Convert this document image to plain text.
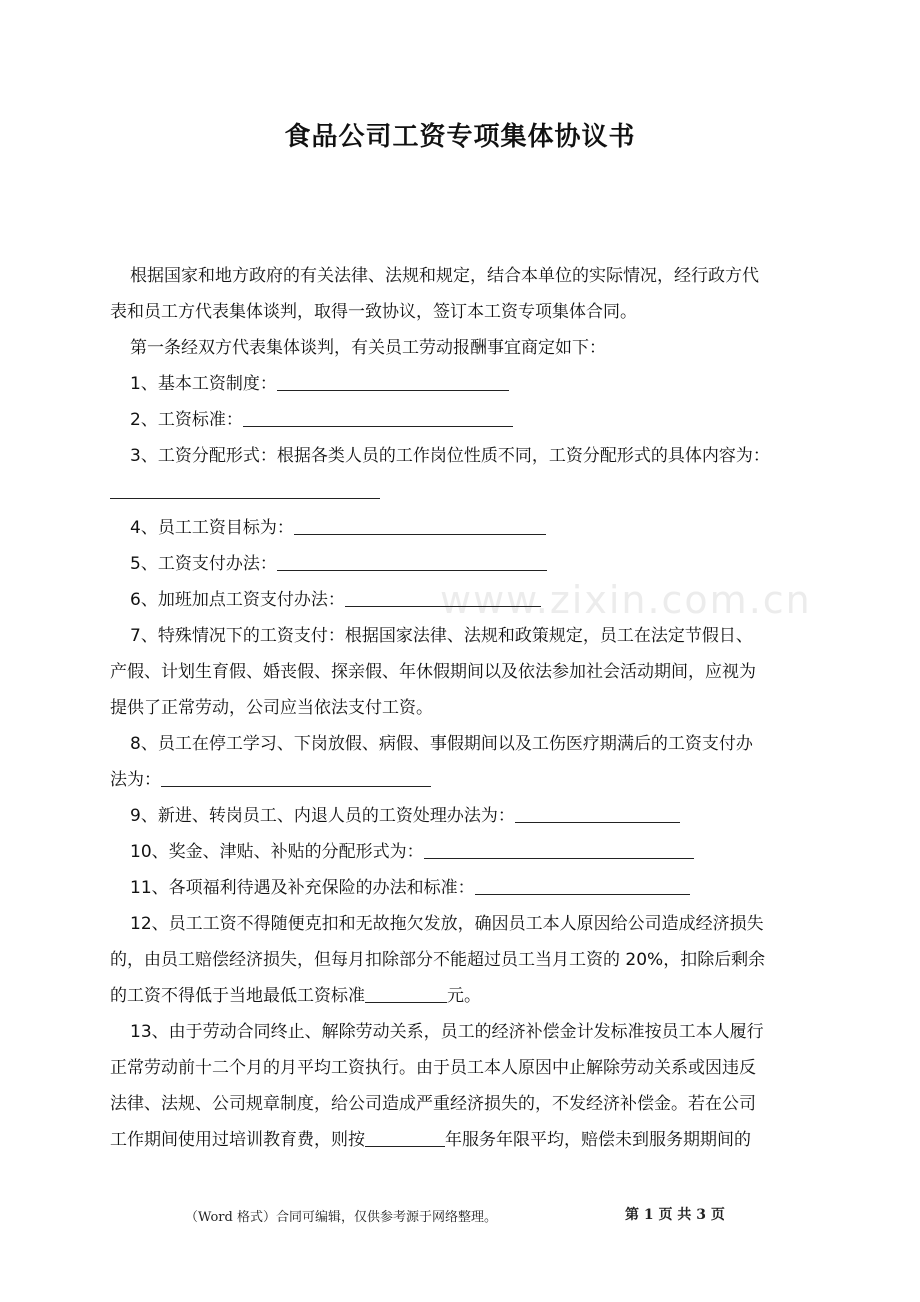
食品公司工资专项集体协议书
www.zixin.com.cn

根据国家和地方政府的有关法律、法规和规定，结合本单位的实际情况，经行政方代

表和员工方代表集体谈判，取得一致协议，签订本工资专项集体合同。

第一条经双方代表集体谈判，有关员工劳动报酬事宜商定如下：

1、基本工资制度：

2、工资标准：

3、工资分配形式：根据各类人员的工作岗位性质不同，工资分配形式的具体内容为：

4、员工工资目标为：

5、工资支付办法：

6、加班加点工资支付办法：

7、特殊情况下的工资支付：根据国家法律、法规和政策规定，员工在法定节假日、

产假、计划生育假、婚丧假、探亲假、年休假期间以及依法参加社会活动期间，应视为

提供了正常劳动，公司应当依法支付工资。

8、员工在停工学习、下岗放假、病假、事假期间以及工伤医疗期满后的工资支付办

法为：

9、新进、转岗员工、内退人员的工资处理办法为：

10、奖金、津贴、补贴的分配形式为：

11、各项福利待遇及补充保险的办法和标准：

12、员工工资不得随便克扣和无故拖欠发放，确因员工本人原因给公司造成经济损失

的，由员工赔偿经济损失，但每月扣除部分不能超过员工当月工资的 20%，扣除后剩余

的工资不得低于当地最低工资标准	元。

13、由于劳动合同终止、解除劳动关系，员工的经济补偿金计发标准按员工本人履行

正常劳动前十二个月的月平均工资执行。由于员工本人原因中止解除劳动关系或因违反

法律、法规、公司规章制度，给公司造成严重经济损失的，不发经济补偿金。若在公司

工作期间使用过培训教育费，则按	年服务年限平均，赔偿未到服务期期间的

（Word 格式）合同可编辑，仅供参考源于网络整理。	第 1 页 共 3 页
